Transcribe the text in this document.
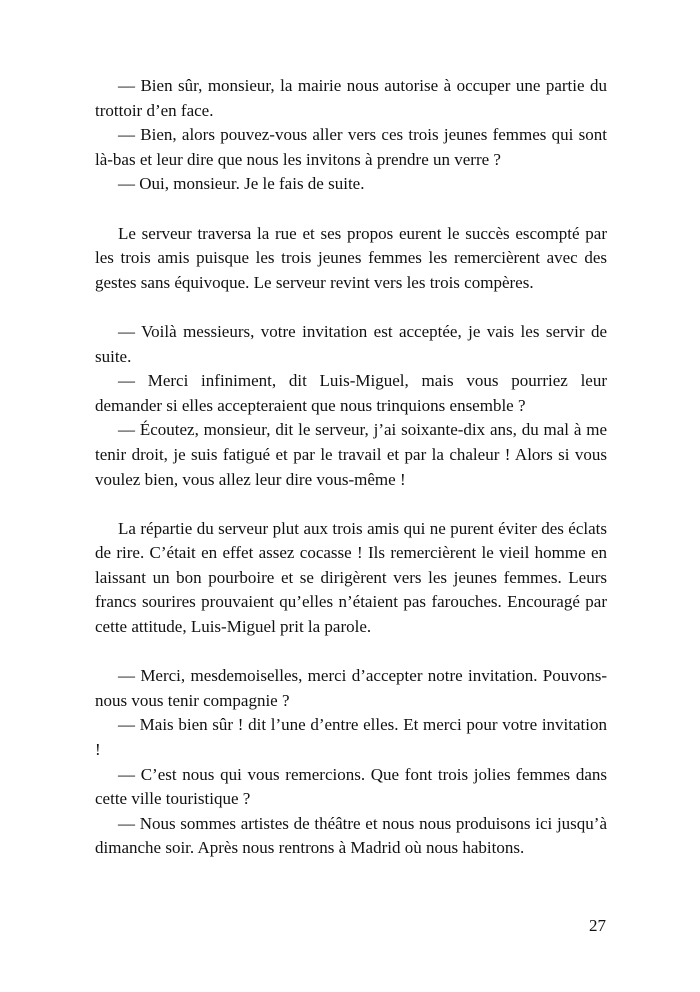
— Bien sûr, monsieur, la mairie nous autorise à occuper une partie du trottoir d’en face.

— Bien, alors pouvez-vous aller vers ces trois jeunes femmes qui sont là-bas et leur dire que nous les invitons à prendre un verre ?

— Oui, monsieur. Je le fais de suite.

Le serveur traversa la rue et ses propos eurent le succès escompté par les trois amis puisque les trois jeunes femmes les remercièrent avec des gestes sans équivoque. Le serveur revint vers les trois compères.

— Voilà messieurs, votre invitation est acceptée, je vais les servir de suite.

— Merci infiniment, dit Luis-Miguel, mais vous pourriez leur demander si elles accepteraient que nous trinquions ensemble ?

— Écoutez, monsieur, dit le serveur, j’ai soixante-dix ans, du mal à me tenir droit, je suis fatigué et par le travail et par la chaleur ! Alors si vous voulez bien, vous allez leur dire vous-même !

La répartie du serveur plut aux trois amis qui ne purent éviter des éclats de rire. C’était en effet assez cocasse ! Ils remercièrent le vieil homme en laissant un bon pourboire et se dirigèrent vers les jeunes femmes. Leurs francs sourires prouvaient qu’elles n’étaient pas farouches. Encouragé par cette attitude, Luis-Miguel prit la parole.

— Merci, mesdemoiselles, merci d’accepter notre invitation. Pouvons-nous vous tenir compagnie ?

— Mais bien sûr ! dit l’une d’entre elles. Et merci pour votre invitation !

— C’est nous qui vous remercions. Que font trois jolies femmes dans cette ville touristique ?

— Nous sommes artistes de théâtre et nous nous produisons ici jusqu’à dimanche soir. Après nous rentrons à Madrid où nous habitons.

27
